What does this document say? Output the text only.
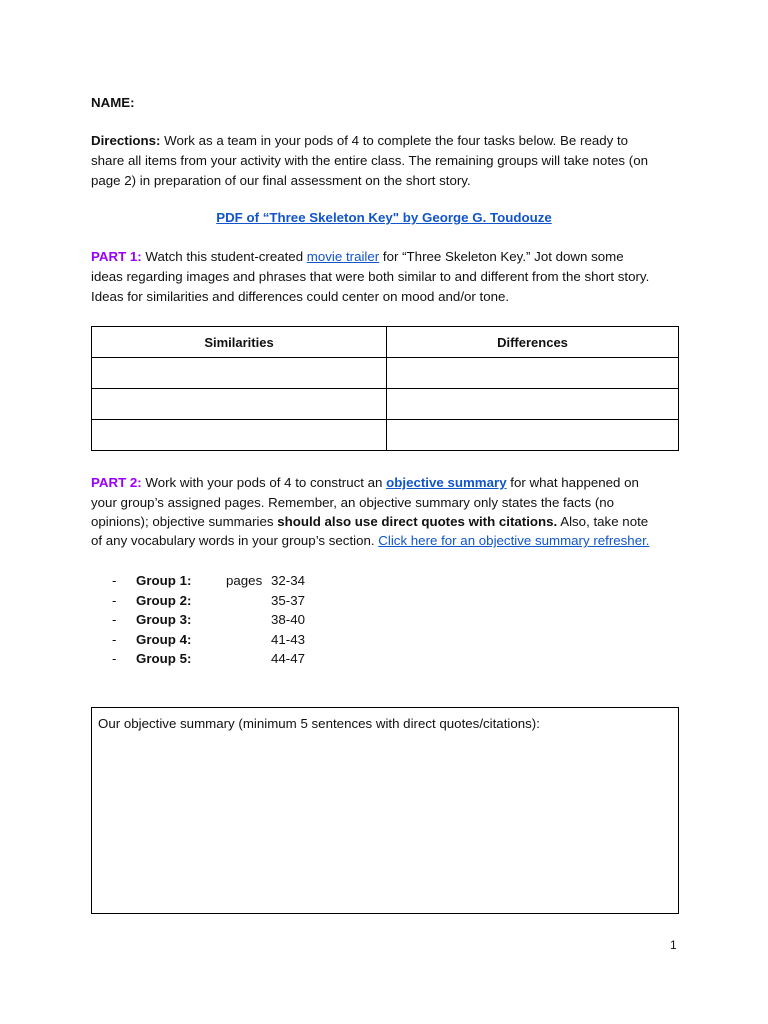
NAME:
Directions: Work as a team in your pods of 4 to complete the four tasks below. Be ready to
share all items from your activity with the entire class. The remaining groups will take notes (on
page 2) in preparation of our final assessment on the short story.
PDF of “Three Skeleton Key" by George G. Toudouze
PART 1: Watch this student-created movie trailer for “Three Skeleton Key.” Jot down some
ideas regarding images and phrases that were both similar to and different from the short story.
Ideas for similarities and differences could center on mood and/or tone.
Similarities	Differences

PART 2: Work with your pods of 4 to construct an objective summary for what happened on
your group’s assigned pages. Remember, an objective summary only states the facts (no
opinions); objective summaries should also use direct quotes with citations. Also, take note
of any vocabulary words in your group’s section. Click here for an objective summary refresher.
- Group 1:	pages 32-34
- Group 2:	35-37
- Group 3:	38-40
- Group 4:	41-43
- Group 5:	44-47
Our objective summary (minimum 5 sentences with direct quotes/citations):
1
